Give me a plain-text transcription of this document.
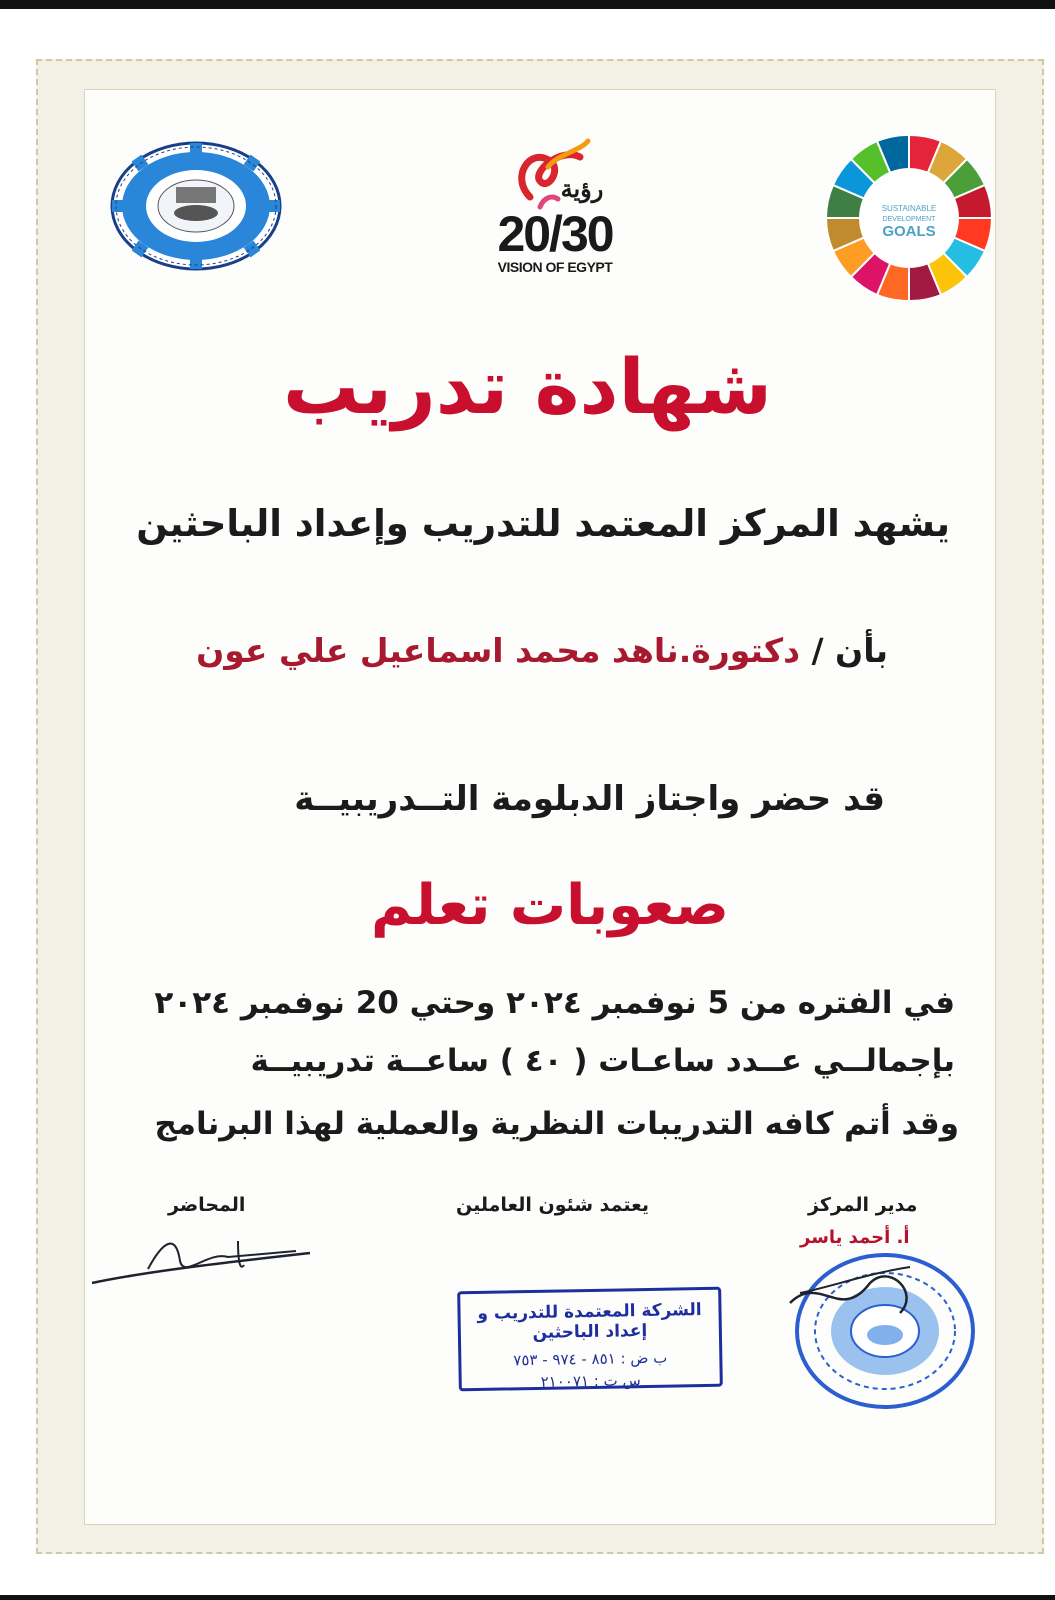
رؤية
20/30
VISION OF EGYPT
SUSTAINABLE
DEVELOPMENT
GOALS
شهادة تدريب
يشهد المركز المعتمد للتدريب وإعداد الباحثين
بأن / دكتورة.ناهد محمد اسماعيل علي عون
قد حضر واجتاز الدبلومة التــدريبيــة
صعوبات تعلم
في الفتره من 5 نوفمبر ٢٠٢٤ وحتي 20 نوفمبر ٢٠٢٤
بإجمالــي عــدد ساعـات ( ٤٠ ) ساعــة تدريبيــة
وقد أتم كافه التدريبات النظرية والعملية لهذا البرنامج
المحاضر	يعتمد شئون العاملين	مدير المركز
أ. أحمد ياسر
الشركة المعتمدة للتدريب و إعداد الباحثين
ب ض : ٨٥١ - ٩٧٤ - ٧٥٣
س ت : ٢١٠٠٧١
